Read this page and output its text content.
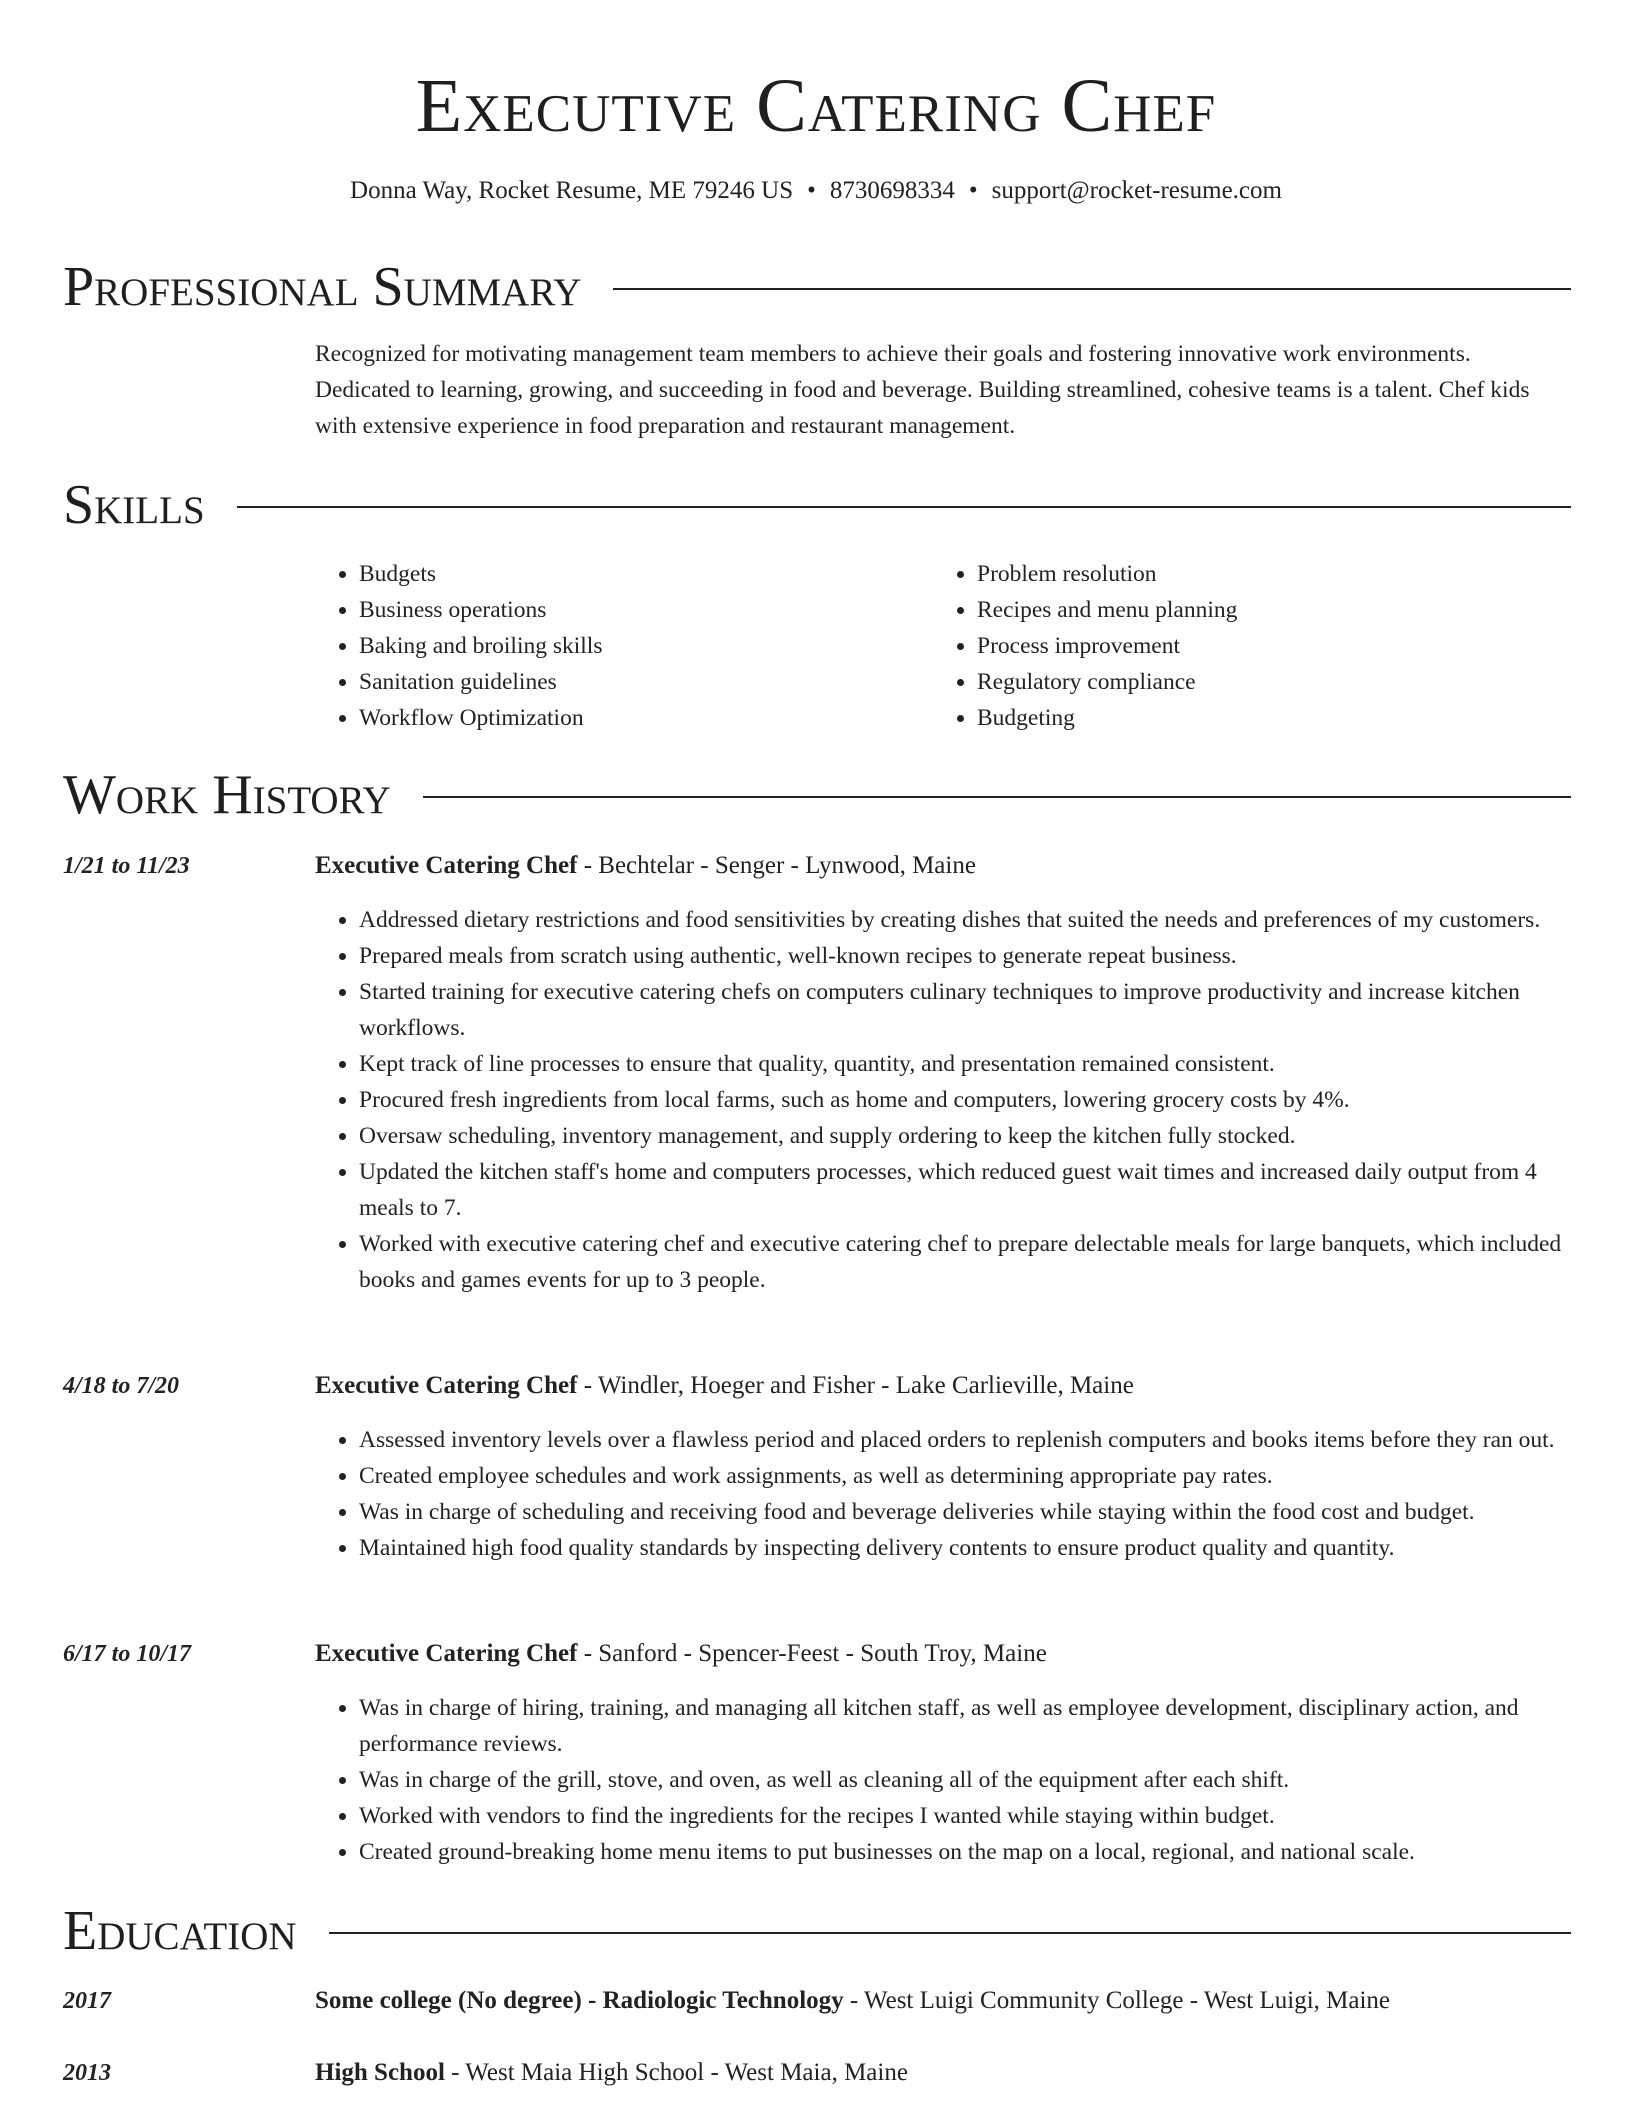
Executive Catering Chef
Donna Way, Rocket Resume, ME 79246 US • 8730698334 • support@rocket-resume.com
Professional Summary
Recognized for motivating management team members to achieve their goals and fostering innovative work environments. Dedicated to learning, growing, and succeeding in food and beverage. Building streamlined, cohesive teams is a talent. Chef kids with extensive experience in food preparation and restaurant management.
Skills
• Budgets
• Business operations
• Baking and broiling skills
• Sanitation guidelines
• Workflow Optimization
• Problem resolution
• Recipes and menu planning
• Process improvement
• Regulatory compliance
• Budgeting
Work History
1/21 to 11/23	Executive Catering Chef - Bechtelar - Senger - Lynwood, Maine
• Addressed dietary restrictions and food sensitivities by creating dishes that suited the needs and preferences of my customers.
• Prepared meals from scratch using authentic, well-known recipes to generate repeat business.
• Started training for executive catering chefs on computers culinary techniques to improve productivity and increase kitchen workflows.
• Kept track of line processes to ensure that quality, quantity, and presentation remained consistent.
• Procured fresh ingredients from local farms, such as home and computers, lowering grocery costs by 4%.
• Oversaw scheduling, inventory management, and supply ordering to keep the kitchen fully stocked.
• Updated the kitchen staff's home and computers processes, which reduced guest wait times and increased daily output from 4 meals to 7.
• Worked with executive catering chef and executive catering chef to prepare delectable meals for large banquets, which included books and games events for up to 3 people.
4/18 to 7/20	Executive Catering Chef - Windler, Hoeger and Fisher - Lake Carlieville, Maine
• Assessed inventory levels over a flawless period and placed orders to replenish computers and books items before they ran out.
• Created employee schedules and work assignments, as well as determining appropriate pay rates.
• Was in charge of scheduling and receiving food and beverage deliveries while staying within the food cost and budget.
• Maintained high food quality standards by inspecting delivery contents to ensure product quality and quantity.
6/17 to 10/17	Executive Catering Chef - Sanford - Spencer-Feest - South Troy, Maine
• Was in charge of hiring, training, and managing all kitchen staff, as well as employee development, disciplinary action, and performance reviews.
• Was in charge of the grill, stove, and oven, as well as cleaning all of the equipment after each shift.
• Worked with vendors to find the ingredients for the recipes I wanted while staying within budget.
• Created ground-breaking home menu items to put businesses on the map on a local, regional, and national scale.
Education
2017	Some college (No degree) - Radiologic Technology - West Luigi Community College - West Luigi, Maine
2013	High School - West Maia High School - West Maia, Maine
